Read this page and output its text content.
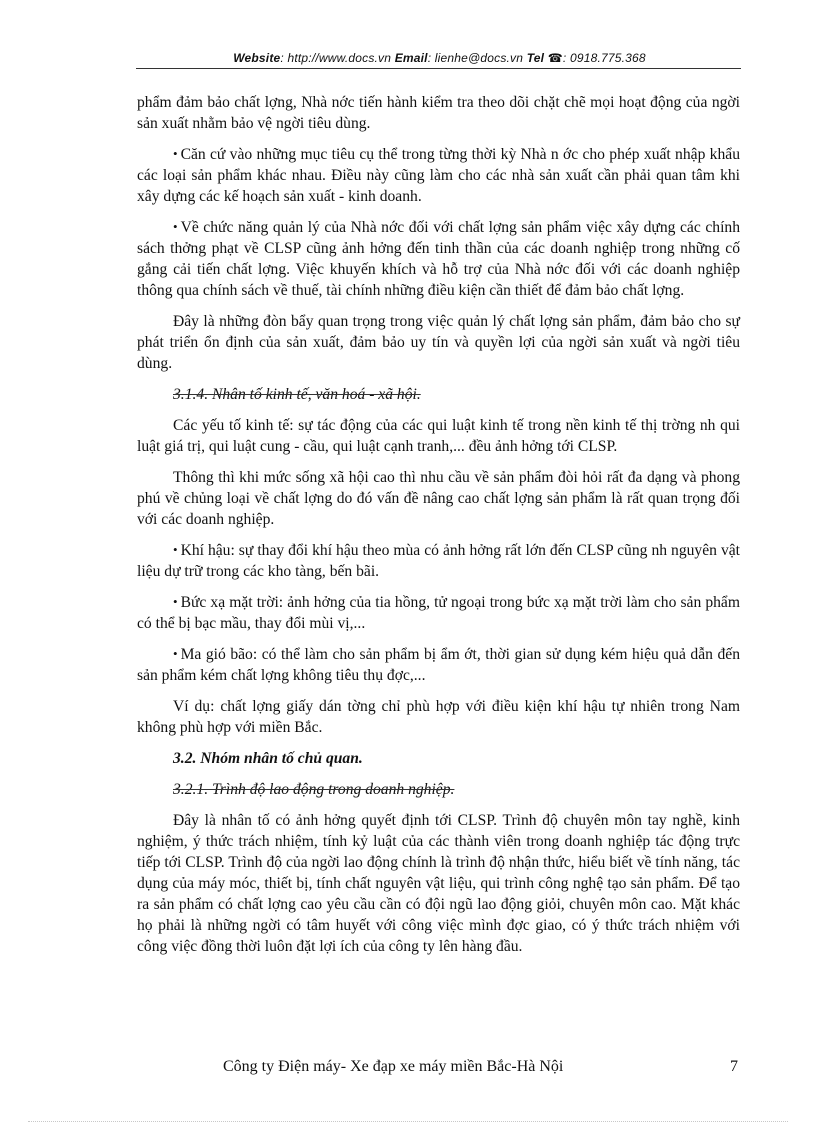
Website: http://www.docs.vn Email: lienhe@docs.vn Tel ☎: 0918.775.368

phẩm đảm bảo chất lợng, Nhà nớc tiến hành kiểm tra theo dõi chặt chẽ mọi hoạt động của ngời sản xuất nhằm bảo vệ ngời tiêu dùng.

• Căn cứ vào những mục tiêu cụ thể trong từng thời kỳ Nhà n ớc cho phép xuất nhập khẩu các loại sản phẩm khác nhau. Điều này cũng làm cho các nhà sản xuất cần phải quan tâm khi xây dựng các kế hoạch sản xuất - kinh doanh.

• Về chức năng quản lý của Nhà nớc đối với chất lợng sản phẩm việc xây dựng các chính sách thởng phạt về CLSP cũng ảnh hởng đến tinh thần của các doanh nghiệp trong những cố gắng cải tiến chất lợng. Việc khuyến khích và hỗ trợ của Nhà nớc đối với các doanh nghiệp thông qua chính sách về thuế, tài chính những điều kiện cần thiết để đảm bảo chất lợng.

Đây là những đòn bẩy quan trọng trong việc quản lý chất lợng sản phẩm, đảm bảo cho sự phát triển ổn định của sản xuất, đảm bảo uy tín và quyền lợi của ngời sản xuất và ngời tiêu dùng.

3.1.4. Nhân tố kinh tế, văn hoá - xã hội.

Các yếu tố kinh tế: sự tác động của các qui luật kinh tế trong nền kinh tế thị trờng nh qui luật giá trị, qui luật cung - cầu, qui luật cạnh tranh,... đều ảnh hởng tới CLSP.

Thông thì khi mức sống xã hội cao thì nhu cầu về sản phẩm đòi hỏi rất đa dạng và phong phú về chủng loại về chất lợng do đó vấn đề nâng cao chất lợng sản phẩm là rất quan trọng đối với các doanh nghiệp.

• Khí hậu: sự thay đổi khí hậu theo mùa có ảnh hởng rất lớn đến CLSP cũng nh nguyên vật liệu dự trữ trong các kho tàng, bến bãi.

• Bức xạ mặt trời: ảnh hởng của tia hồng, tử ngoại trong bức xạ mặt trời làm cho sản phẩm có thể bị bạc mầu, thay đổi mùi vị,...

• Ma gió bão: có thể làm cho sản phẩm bị ẩm ớt, thời gian sử dụng kém hiệu quả dẫn đến sản phẩm kém chất lợng không tiêu thụ đợc,...

Ví dụ: chất lợng giấy dán tờng chỉ phù hợp với điều kiện khí hậu tự nhiên trong Nam không phù hợp với miền Bắc.

3.2. Nhóm nhân tố chủ quan.

3.2.1. Trình độ lao động trong doanh nghiệp.

Đây là nhân tố có ảnh hởng quyết định tới CLSP. Trình độ chuyên môn tay nghề, kinh nghiệm, ý thức trách nhiệm, tính kỷ luật của các thành viên trong doanh nghiệp tác động trực tiếp tới CLSP. Trình độ của ngời lao động chính là trình độ nhận thức, hiểu biết về tính năng, tác dụng của máy móc, thiết bị, tính chất nguyên vật liệu, qui trình công nghệ tạo sản phẩm. Để tạo ra sản phẩm có chất lợng cao yêu cầu cần có đội ngũ lao động giỏi, chuyên môn cao. Mặt khác họ phải là những ngời có tâm huyết với công việc mình đợc giao, có ý thức trách nhiệm với công việc đồng thời luôn đặt lợi ích của công ty lên hàng đầu.

Công ty Điện máy- Xe đạp xe máy miền Bắc-Hà Nội	7
